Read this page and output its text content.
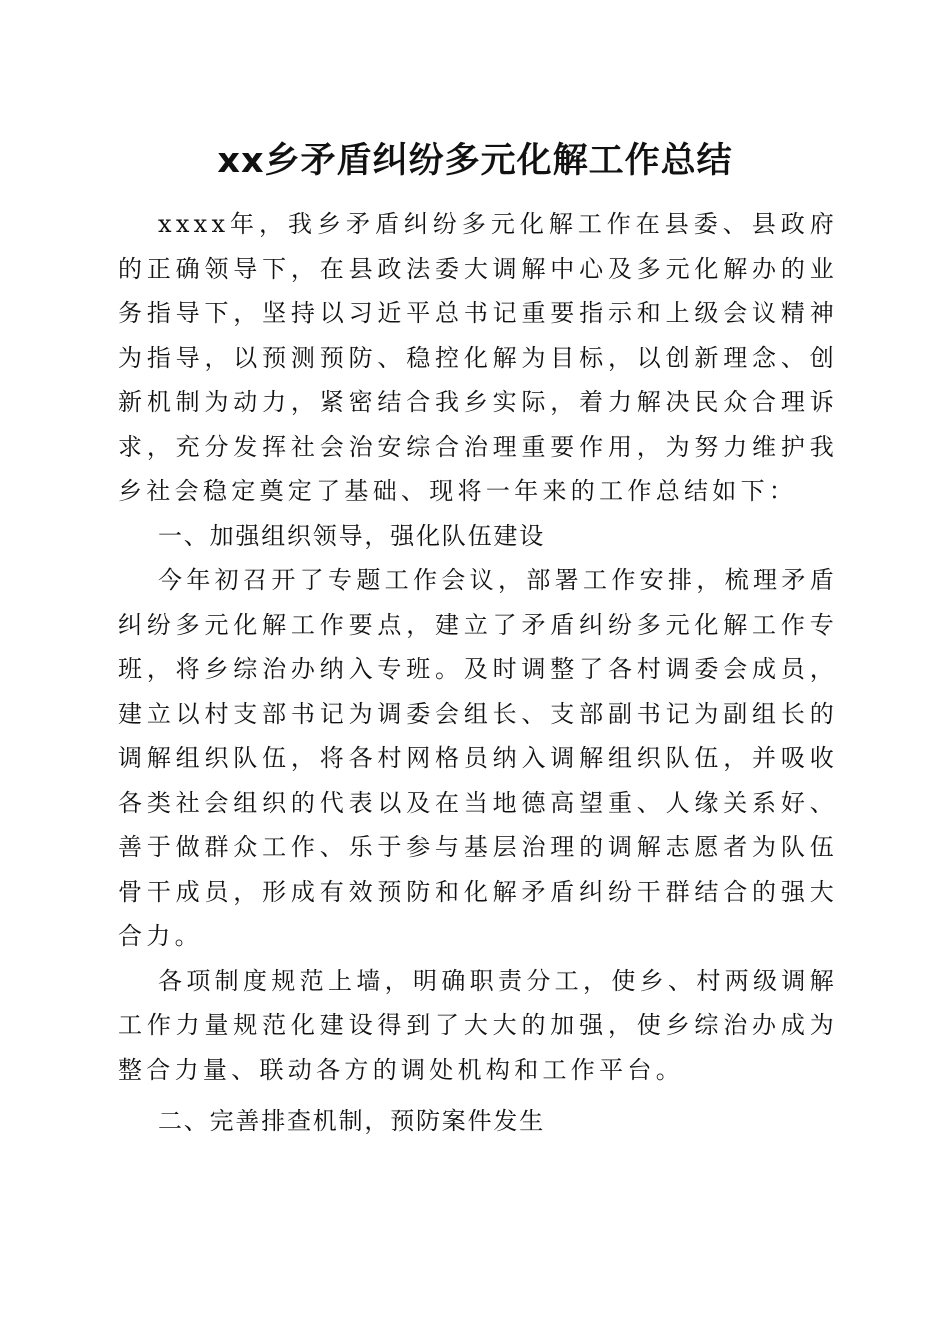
xx乡矛盾纠纷多元化解工作总结

xxxx年，我乡矛盾纠纷多元化解工作在县委、县政府的正确领导下，在县政法委大调解中心及多元化解办的业务指导下，坚持以习近平总书记重要指示和上级会议精神为指导，以预测预防、稳控化解为目标，以创新理念、创新机制为动力，紧密结合我乡实际，着力解决民众合理诉求，充分发挥社会治安综合治理重要作用，为努力维护我乡社会稳定奠定了基础、现将一年来的工作总结如下：

一、加强组织领导，强化队伍建设

今年初召开了专题工作会议，部署工作安排，梳理矛盾纠纷多元化解工作要点，建立了矛盾纠纷多元化解工作专班，将乡综治办纳入专班。及时调整了各村调委会成员，建立以村支部书记为调委会组长、支部副书记为副组长的调解组织队伍，将各村网格员纳入调解组织队伍，并吸收各类社会组织的代表以及在当地德高望重、人缘关系好、善于做群众工作、乐于参与基层治理的调解志愿者为队伍骨干成员，形成有效预防和化解矛盾纠纷干群结合的强大合力。

各项制度规范上墙，明确职责分工，使乡、村两级调解工作力量规范化建设得到了大大的加强，使乡综治办成为整合力量、联动各方的调处机构和工作平台。

二、完善排查机制，预防案件发生
